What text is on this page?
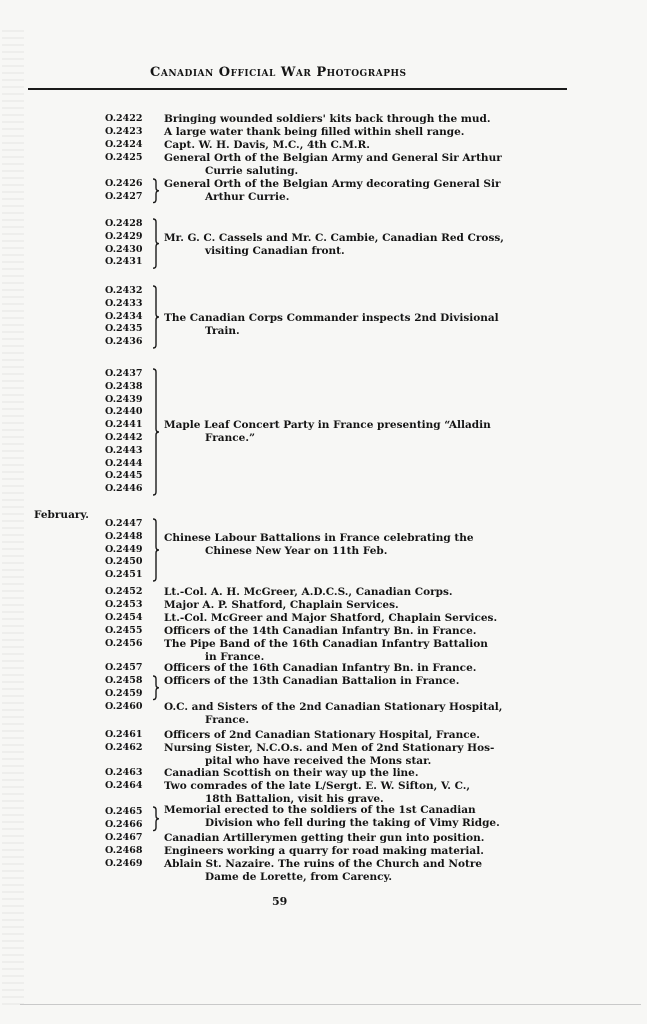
Canadian Official War Photographs
February.
O.2422 Bringing wounded soldiers' kits back through the mud.
O.2423 A large water thank being filled within shell range.
O.2424 Capt. W. H. Davis, M.C., 4th C.M.R.
O.2425 General Orth of the Belgian Army and General Sir Arthur
Currie saluting.
O.2426
O.2427
General Orth of the Belgian Army decorating General Sir
Arthur Currie.
O.2428
O.2429
O.2430
O.2431
Mr. G. C. Cassels and Mr. C. Cambie, Canadian Red Cross,
visiting Canadian front.
O.2432
O.2433
O.2434
O.2435
O.2436
The Canadian Corps Commander inspects 2nd Divisional
Train.
O.2437
O.2438
O.2439
O.2440
O.2441
O.2442
O.2443
O.2444
O.2445
O.2446
Maple Leaf Concert Party in France presenting “Alladin
France.”
O.2447
O.2448
O.2449
O.2450
O.2451
Chinese Labour Battalions in France celebrating the
Chinese New Year on 11th Feb.
O.2452 Lt.-Col. A. H. McGreer, A.D.C.S., Canadian Corps.
O.2453 Major A. P. Shatford, Chaplain Services.
O.2454 Lt.-Col. McGreer and Major Shatford, Chaplain Services.
O.2455 Officers of the 14th Canadian Infantry Bn. in France.
O.2456 The Pipe Band of the 16th Canadian Infantry Battalion
in France.
O.2457 Officers of the 16th Canadian Infantry Bn. in France.
O.2458
O.2459
Officers of the 13th Canadian Battalion in France.
O.2460 O.C. and Sisters of the 2nd Canadian Stationary Hospital,
France.
O.2461 Officers of 2nd Canadian Stationary Hospital, France.
O.2462 Nursing Sister, N.C.O.s. and Men of 2nd Stationary Hos-
pital who have received the Mons star.
O.2463 Canadian Scottish on their way up the line.
O.2464 Two comrades of the late L/Sergt. E. W. Sifton, V. C.,
18th Battalion, visit his grave.
O.2465
O.2466
Memorial erected to the soldiers of the 1st Canadian
Division who fell during the taking of Vimy Ridge.
O.2467 Canadian Artillerymen getting their gun into position.
O.2468 Engineers working a quarry for road making material.
O.2469 Ablain St. Nazaire. The ruins of the Church and Notre
Dame de Lorette, from Carency.
59
